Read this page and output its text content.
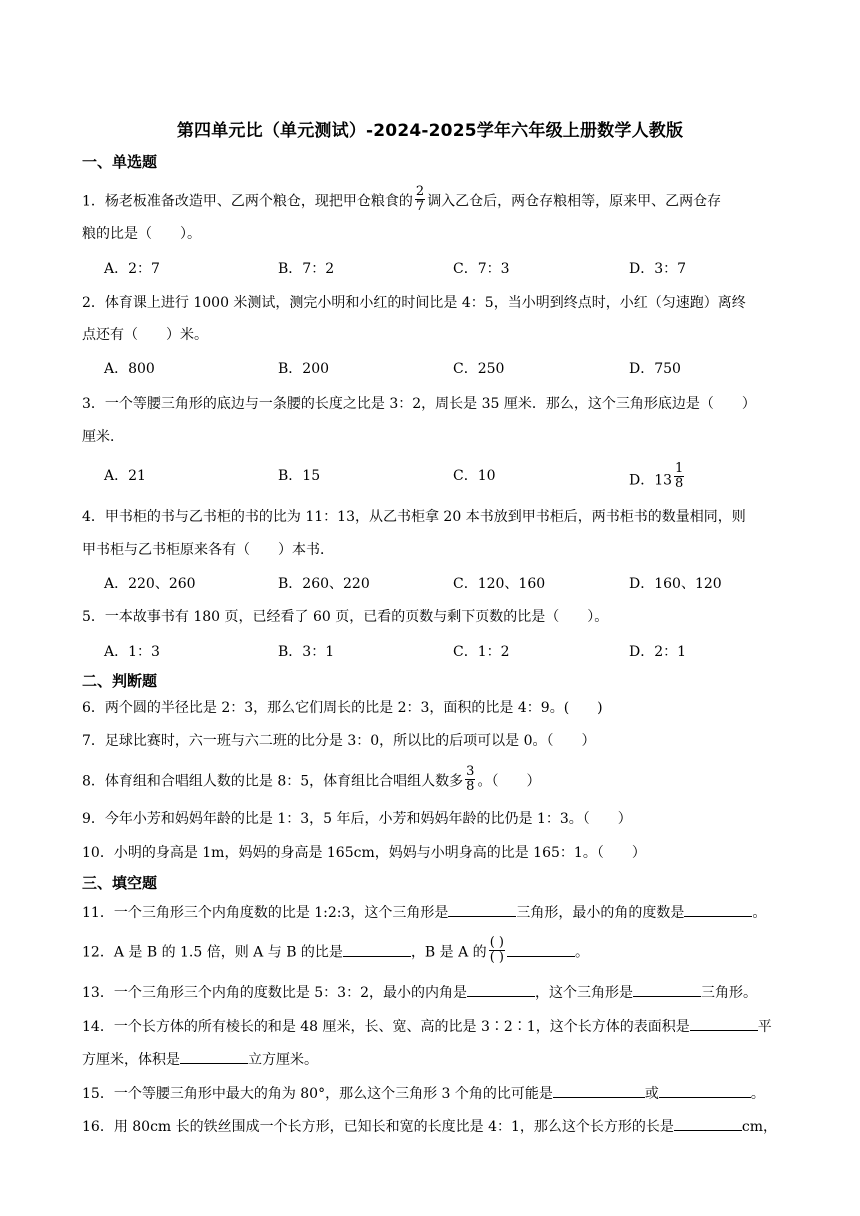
第四单元比（单元测试）-2024-2025学年六年级上册数学人教版
一、单选题
1．杨老板准备改造甲、乙两个粮仓，现把甲仓粮食的 $\frac{2}{7}$ 调入乙仓后，两仓存粮相等，原来甲、乙两仓存
粮的比是（　　）。
A．2：7	B．7：2	C．7：3	D．3：7
2．体育课上进行 1000 米测试，测完小明和小红的时间比是 4：5，当小明到终点时，小红（匀速跑）离终
点还有（　　）米。
A．800	B．200	C．250	D．750
3．一个等腰三角形的底边与一条腰的长度之比是 3：2，周长是 35 厘米．那么，这个三角形底边是（　　）
厘米．
A．21	B．15	C．10	D．$13 \frac{1}{8}$
4．甲书柜的书与乙书柜的书的比为 11：13，从乙书柜拿 20 本书放到甲书柜后，两书柜书的数量相同，则
甲书柜与乙书柜原来各有（　　）本书．
A．220、260	B．260、220	C．120、160	D．160、120
5．一本故事书有 180 页，已经看了 60 页，已看的页数与剩下页数的比是（　　）。
A．1：3	B．3：1	C．1：2	D．2：1
二、判断题
6．两个圆的半径比是 2：3，那么它们周长的比是 2：3，面积的比是 4：9。(　　)
7．足球比赛时，六一班与六二班的比分是 3：0，所以比的后项可以是 0。（　　）
8．体育组和合唱组人数的比是 8：5，体育组比合唱组人数多 $\frac{3}{8}$ 。（　　）
9．今年小芳和妈妈年龄的比是 1：3，5 年后，小芳和妈妈年龄的比仍是 1：3。（　　）
10．小明的身高是 1m，妈妈的身高是 165cm，妈妈与小明身高的比是 165：1。（　　）
三、填空题
11．一个三角形三个内角度数的比是 1:2:3，这个三角形是	三角形，最小的角的度数是	。
12．A 是 B 的 1.5 倍，则 A 与 B 的比是	，B 是 A 的 $\frac{( )}{( )}$	。
13．一个三角形三个内角的度数比是 5：3：2，最小的内角是	，这个三角形是	三角形。
14．一个长方体的所有棱长的和是 48 厘米，长、宽、高的比是 3∶2∶1，这个长方体的表面积是	平
方厘米，体积是	立方厘米。
15．一个等腰三角形中最大的角为 80°，那么这个三角形 3 个角的比可能是	或	。
16．用 80cm 长的铁丝围成一个长方形，已知长和宽的长度比是 4：1，那么这个长方形的长是	cm，
